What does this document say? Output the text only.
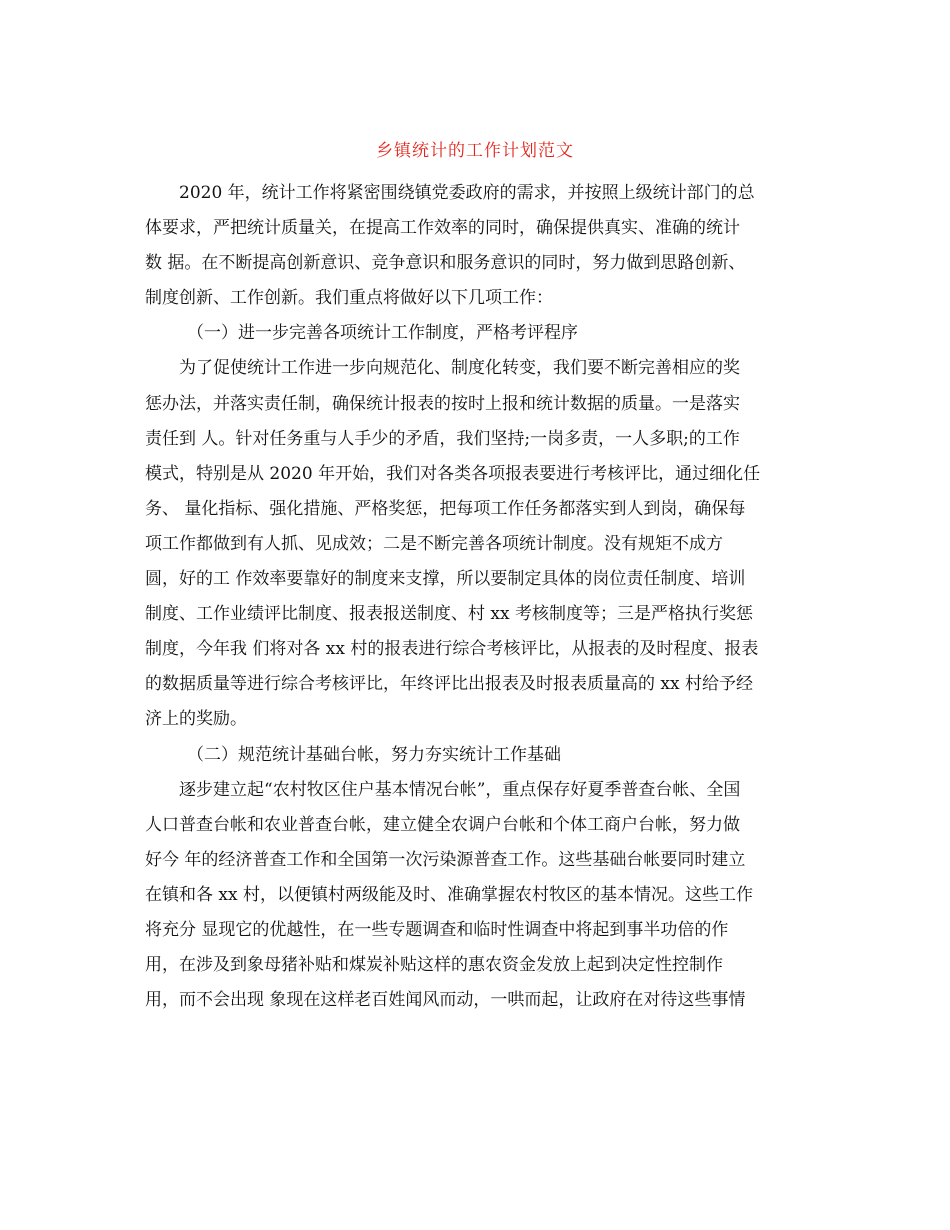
乡镇统计的工作计划范文
2020 年，统计工作将紧密围绕镇党委政府的需求，并按照上级统计部门的总
体要求，严把统计质量关，在提高工作效率的同时，确保提供真实、准确的统计
数 据。在不断提高创新意识、竞争意识和服务意识的同时，努力做到思路创新、
制度创新、工作创新。我们重点将做好以下几项工作：
（一）进一步完善各项统计工作制度，严格考评程序
为了促使统计工作进一步向规范化、制度化转变，我们要不断完善相应的奖
惩办法，并落实责任制，确保统计报表的按时上报和统计数据的质量。一是落实
责任到 人。针对任务重与人手少的矛盾，我们坚持;一岗多责，一人多职;的工作
模式，特别是从 2020 年开始，我们对各类各项报表要进行考核评比，通过细化任
务、 量化指标、强化措施、严格奖惩，把每项工作任务都落实到人到岗，确保每
项工作都做到有人抓、见成效；二是不断完善各项统计制度。没有规矩不成方
圆，好的工 作效率要靠好的制度来支撑，所以要制定具体的岗位责任制度、培训
制度、工作业绩评比制度、报表报送制度、村 xx 考核制度等；三是严格执行奖惩
制度，今年我 们将对各 xx 村的报表进行综合考核评比，从报表的及时程度、报表
的数据质量等进行综合考核评比，年终评比出报表及时报表质量高的 xx 村给予经
济上的奖励。
（二）规范统计基础台帐，努力夯实统计工作基础
逐步建立起“农村牧区住户基本情况台帐”，重点保存好夏季普查台帐、全国
人口普查台帐和农业普查台帐，建立健全农调户台帐和个体工商户台帐，努力做
好今 年的经济普查工作和全国第一次污染源普查工作。这些基础台帐要同时建立
在镇和各 xx 村，以便镇村两级能及时、准确掌握农村牧区的基本情况。这些工作
将充分 显现它的优越性，在一些专题调查和临时性调查中将起到事半功倍的作
用，在涉及到象母猪补贴和煤炭补贴这样的惠农资金发放上起到决定性控制作
用，而不会出现 象现在这样老百姓闻风而动，一哄而起，让政府在对待这些事情
